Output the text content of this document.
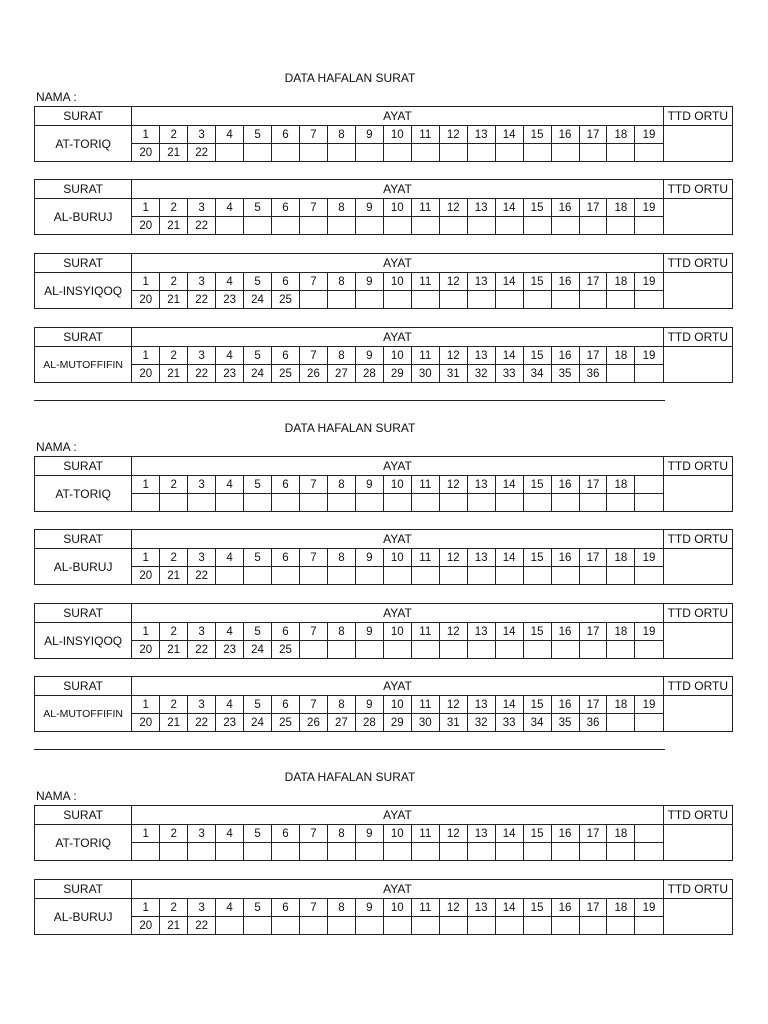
DATA HAFALAN SURAT
NAMA :
SURAT	AYAT																			TTD ORTU
AT-TORIQ	1	2	3	4	5	6	7	8	9	10	11	12	13	14	15	16	17	18	19	
	20	21	22																	
SURAT	AYAT																			TTD ORTU
AL-BURUJ	1	2	3	4	5	6	7	8	9	10	11	12	13	14	15	16	17	18	19	
	20	21	22																	
SURAT	AYAT																			TTD ORTU
AL-INSYIQOQ	1	2	3	4	5	6	7	8	9	10	11	12	13	14	15	16	17	18	19	
	20	21	22	23	24	25														
SURAT	AYAT																			TTD ORTU
AL-MUTOFFIFIN	1	2	3	4	5	6	7	8	9	10	11	12	13	14	15	16	17	18	19	
	20	21	22	23	24	25	26	27	28	29	30	31	32	33	34	35	36			
DATA HAFALAN SURAT
NAMA :
SURAT	AYAT																			TTD ORTU
AT-TORIQ	1	2	3	4	5	6	7	8	9	10	11	12	13	14	15	16	17	18		

SURAT	AYAT																			TTD ORTU
AL-BURUJ	1	2	3	4	5	6	7	8	9	10	11	12	13	14	15	16	17	18	19	
	20	21	22																	
SURAT	AYAT																			TTD ORTU
AL-INSYIQOQ	1	2	3	4	5	6	7	8	9	10	11	12	13	14	15	16	17	18	19	
	20	21	22	23	24	25														
SURAT	AYAT																			TTD ORTU
AL-MUTOFFIFIN	1	2	3	4	5	6	7	8	9	10	11	12	13	14	15	16	17	18	19	
	20	21	22	23	24	25	26	27	28	29	30	31	32	33	34	35	36			
DATA HAFALAN SURAT
NAMA :
SURAT	AYAT																			TTD ORTU
AT-TORIQ	1	2	3	4	5	6	7	8	9	10	11	12	13	14	15	16	17	18		

SURAT	AYAT																			TTD ORTU
AL-BURUJ	1	2	3	4	5	6	7	8	9	10	11	12	13	14	15	16	17	18	19	
	20	21	22																	
